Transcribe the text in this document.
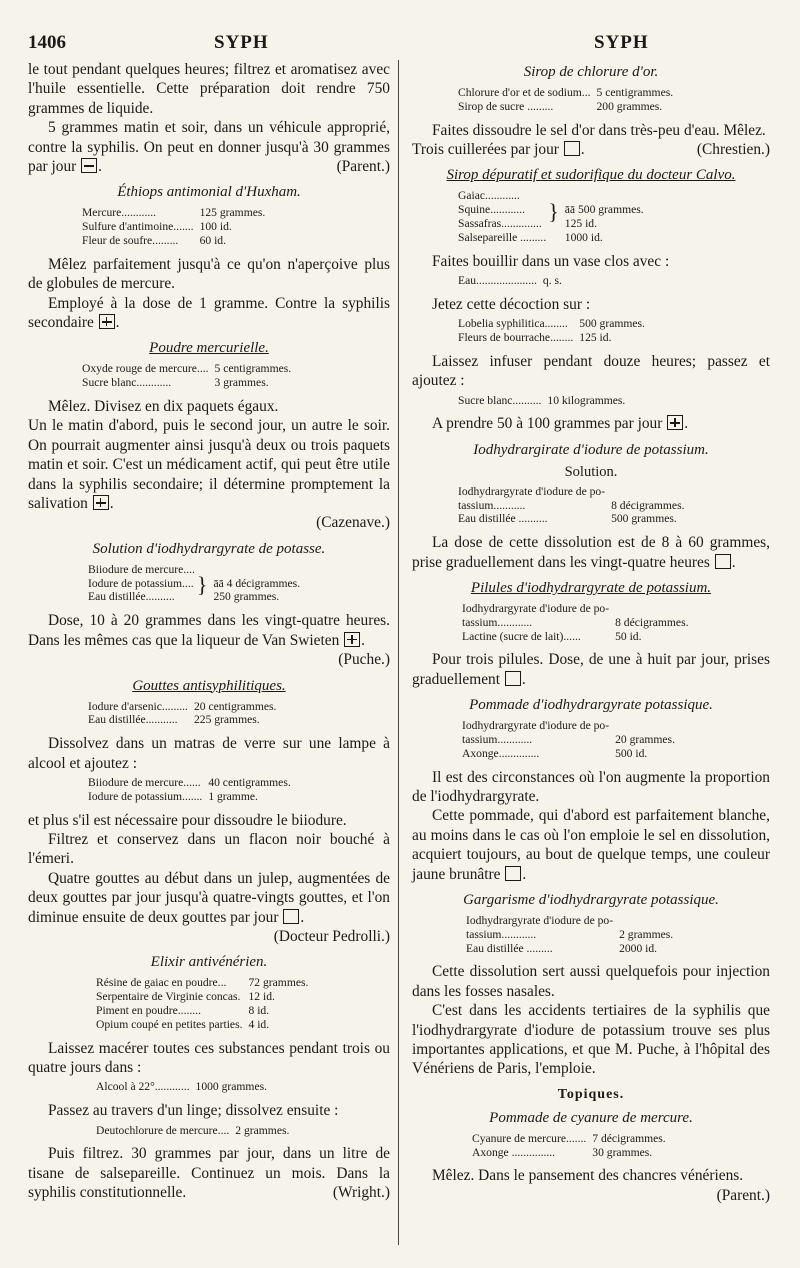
1406	SYPH	SYPH

le tout pendant quelques heures; filtrez et aromatisez avec l'huile essentielle. Cette préparation doit rendre 750 grammes de liquide.

5 grammes matin et soir, dans un véhicule approprié, contre la syphilis. On peut en donner jusqu'à 30 grammes par jour .	(Parent.)

Éthiops antimonial d'Huxham.
Mercure............	125 grammes.
Sulfure d'antimoine.......	100 id.
Fleur de soufre.........	60 id.

Mêlez parfaitement jusqu'à ce qu'on n'aperçoive plus de globules de mercure.

Employé à la dose de 1 gramme. Contre la syphilis secondaire .

Poudre mercurielle.
Oxyde rouge de mercure....	5 centigrammes.
Sucre blanc............	3 grammes.

Mêlez. Divisez en dix paquets égaux.

Un le matin d'abord, puis le second jour, un autre le soir. On pourrait augmenter ainsi jusqu'à deux ou trois paquets matin et soir. C'est un médicament actif, qui peut être utile dans la syphilis secondaire; il détermine promptement la salivation .

(Cazenave.)

Solution d'iodhydrargyrate de potasse.
Biiodure de mercure....	}	āā 4 décigrammes.
Iodure de potassium....		
Eau distillée..........		250 grammes.

Dose, 10 à 20 grammes dans les vingt-quatre heures. Dans les mêmes cas que la liqueur de Van Swieten .
(Puche.)

Gouttes antisyphilitiques.
Iodure d'arsenic.........	20 centigrammes.
Eau distillée...........	225 grammes.

Dissolvez dans un matras de verre sur une lampe à alcool et ajoutez :

Biiodure de mercure......	40 centigrammes.
Iodure de potassium.......	1 gramme.

et plus s'il est nécessaire pour dissoudre le biiodure.

Filtrez et conservez dans un flacon noir bouché à l'émeri.

Quatre gouttes au début dans un julep, augmentées de deux gouttes par jour jusqu'à quatre-vingts gouttes, et l'on diminue ensuite de deux gouttes par jour .
(Docteur Pedrolli.)

Elixir antivénérien.
Résine de gaiac en poudre...	72 grammes.
Serpentaire de Virginie concas.	12 id.
Piment en poudre........	8 id.
Opium coupé en petites parties.	4 id.

Laissez macérer toutes ces substances pendant trois ou quatre jours dans :

Alcool à 22°............	1000 grammes.

Passez au travers d'un linge; dissolvez ensuite :

Deutochlorure de mercure....	2 grammes.

Puis filtrez. 30 grammes par jour, dans un litre de tisane de salsepareille. Continuez un mois. Dans la syphilis constitutionnelle.	(Wright.)

Sirop de chlorure d'or.
Chlorure d'or et de sodium...	5 centigrammes.
Sirop de sucre .........	200 grammes.

Faites dissoudre le sel d'or dans très-peu d'eau. Mêlez.

Trois cuillerées par jour .	(Chrestien.)

Sirop dépuratif et sudorifique du docteur Calvo.
Gaiac............	}	āā 500 grammes.
Squine............		
Sassafras..............		125 id.
Salsepareille .........		1000 id.

Faites bouillir dans un vase clos avec :

Eau.....................	q. s.

Jetez cette décoction sur :

Lobelia syphilitica........	500 grammes.
Fleurs de bourrache........	125 id.

Laissez infuser pendant douze heures; passez et ajoutez :

Sucre blanc..........	10 kilogrammes.

A prendre 50 à 100 grammes par jour .

Iodhydrargirate d'iodure de potassium.
Solution.
Iodhydrargyrate d'iodure de po-	
tassium...........	8 décigrammes.
Eau distillée ..........	500 grammes.

La dose de cette dissolution est de 8 à 60 grammes, prise graduellement dans les vingt-quatre heures .

Pilules d'iodhydrargyrate de potassium.
Iodhydrargyrate d'iodure de po-	
tassium............	8 décigrammes.
Lactine (sucre de lait)......	50 id.

Pour trois pilules. Dose, de une à huit par jour, prises graduellement .

Pommade d'iodhydrargyrate potassique.
Iodhydrargyrate d'iodure de po-	
tassium............	20 grammes.
Axonge..............	500 id.

Il est des circonstances où l'on augmente la proportion de l'iodhydrargyrate.

Cette pommade, qui d'abord est parfaitement blanche, au moins dans le cas où l'on emploie le sel en dissolution, acquiert toujours, au bout de quelque temps, une couleur jaune brunâtre .

Gargarisme d'iodhydrargyrate potassique.
Iodhydrargyrate d'iodure de po-	
tassium............	2 grammes.
Eau distillée .........	2000 id.

Cette dissolution sert aussi quelquefois pour injection dans les fosses nasales.

C'est dans les accidents tertiaires de la syphilis que l'iodhydrargyrate d'iodure de potassium trouve ses plus importantes applications, et que M. Puche, à l'hôpital des Vénériens de Paris, l'emploie.

Topiques.
Pommade de cyanure de mercure.
Cyanure de mercure.......	7 décigrammes.
Axonge ...............	30 grammes.

Mêlez. Dans le pansement des chancres vénériens.

(Parent.)
